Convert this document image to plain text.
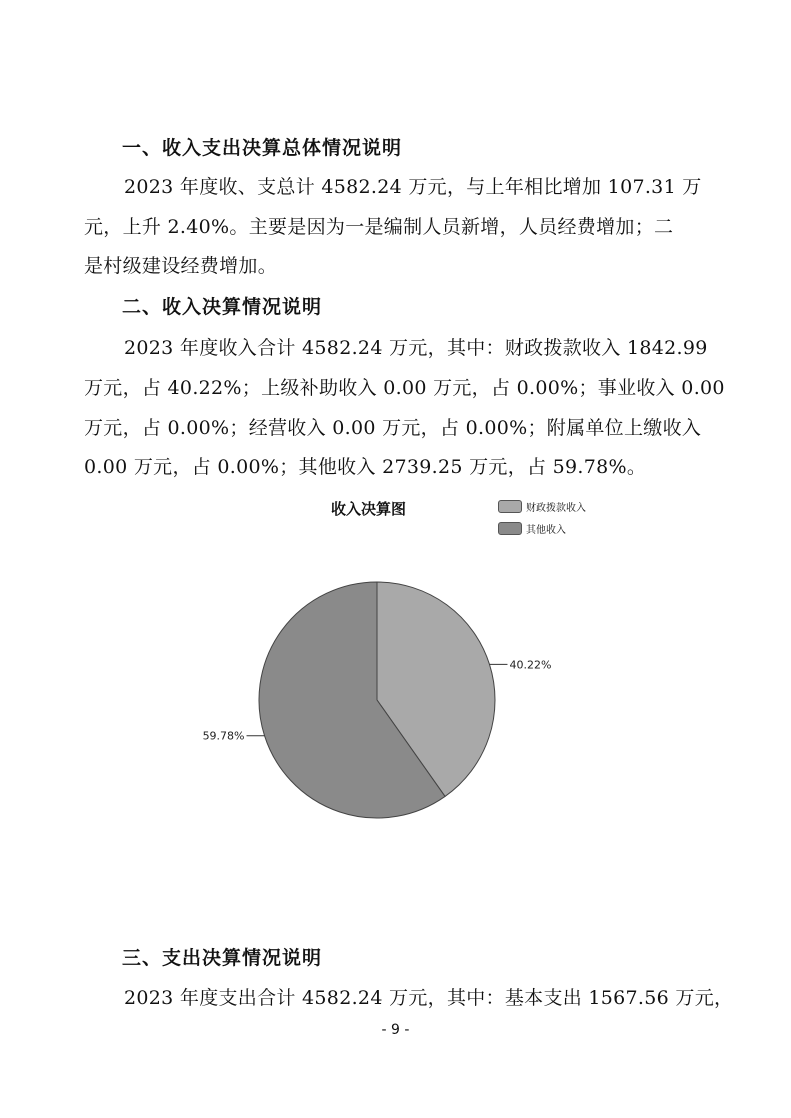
一、收入支出决算总体情况说明
2023 年度收、支总计 4582.24 万元，与上年相比增加 107.31 万
元，上升 2.40%。主要是因为一是编制人员新增，人员经费增加；二
是村级建设经费增加。
二、收入决算情况说明
2023 年度收入合计 4582.24 万元，其中：财政拨款收入 1842.99
万元，占 40.22%；上级补助收入 0.00 万元，占 0.00%；事业收入 0.00
万元，占 0.00%；经营收入 0.00 万元，占 0.00%；附属单位上缴收入
0.00 万元，占 0.00%；其他收入 2739.25 万元，占 59.78%。
收入决算图	财政拨款收入
其他收入
40.22%
59.78%
三、支出决算情况说明
2023 年度支出合计 4582.24 万元，其中：基本支出 1567.56 万元，
- 9 -
